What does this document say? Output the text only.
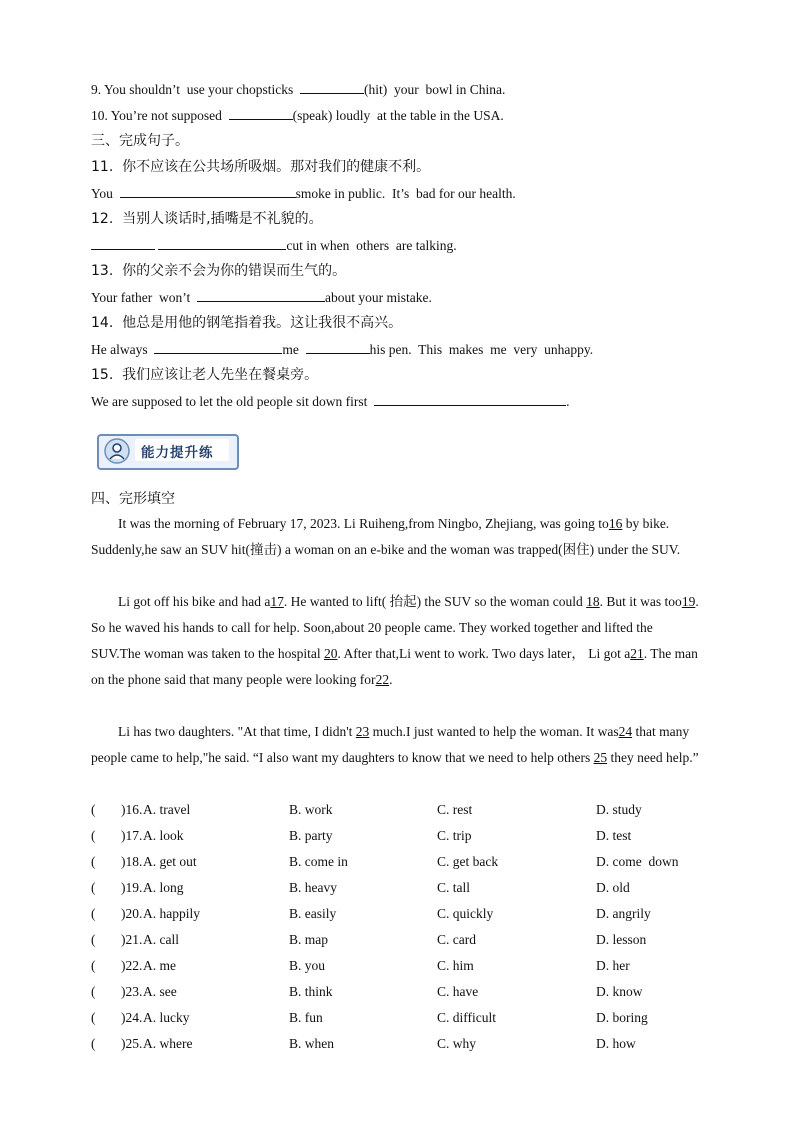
9. You shouldn’t  use your chopsticks	(hit)  your  bowl in China.
10. You’re not supposed	(speak) loudly  at the table in the USA.
三、完成句子。
11.  你不应该在公共场所吸烟。那对我们的健康不利。
You	smoke in public.  It’s  bad for our health.
12.  当别人谈话时,插嘴是不礼貌的。
cut in when  others  are talking.
13.  你的父亲不会为你的错误而生气的。
Your father  won’t	about your mistake.
14.  他总是用他的钢笔指着我。这让我很不高兴。
He always	me	his pen.  This  makes  me  very  unhappy.
15.  我们应该让老人先坐在餐桌旁。
We are supposed to let the old people sit down first	.
能力提升练
四、完形填空
It was the morning of February 17, 2023. Li Ruiheng,from Ningbo, Zhejiang, was going to16 by bike. Suddenly,he saw an SUV hit(撞击) a woman on an e-bike and the woman was trapped(困住) under the SUV.
Li got off his bike and had a17. He wanted to lift( 抬起) the SUV so the woman could 18. But it was too19. So he waved his hands to call for help. Soon,about 20 people came. They worked together and lifted the SUV.The woman was taken to the hospital 20. After that,Li went to work. Two days later， Li got a21. The man on the phone said that many people were looking for22.
Li has two daughters. "At that time, I didn't 23 much.I just wanted to help the woman. It was24 that many people came to help,"he said. “I also want my daughters to know that we need to help others 25 they need help.”
( )16. A. travel	B. work	C. rest	D. study
( )17. A. look	B. party	C. trip	D. test
( )18. A. get out	B. come in	C. get back	D. come  down
( )19. A. long	B. heavy	C. tall	D. old
( )20. A. happily	B. easily	C. quickly	D. angrily
( )21. A. call	B. map	C. card	D. lesson
( )22. A. me	B. you	C. him	D. her
( )23. A. see	B. think	C. have	D. know
( )24. A. lucky	B. fun	C. difficult	D. boring
( )25. A. where	B. when	C. why	D. how
